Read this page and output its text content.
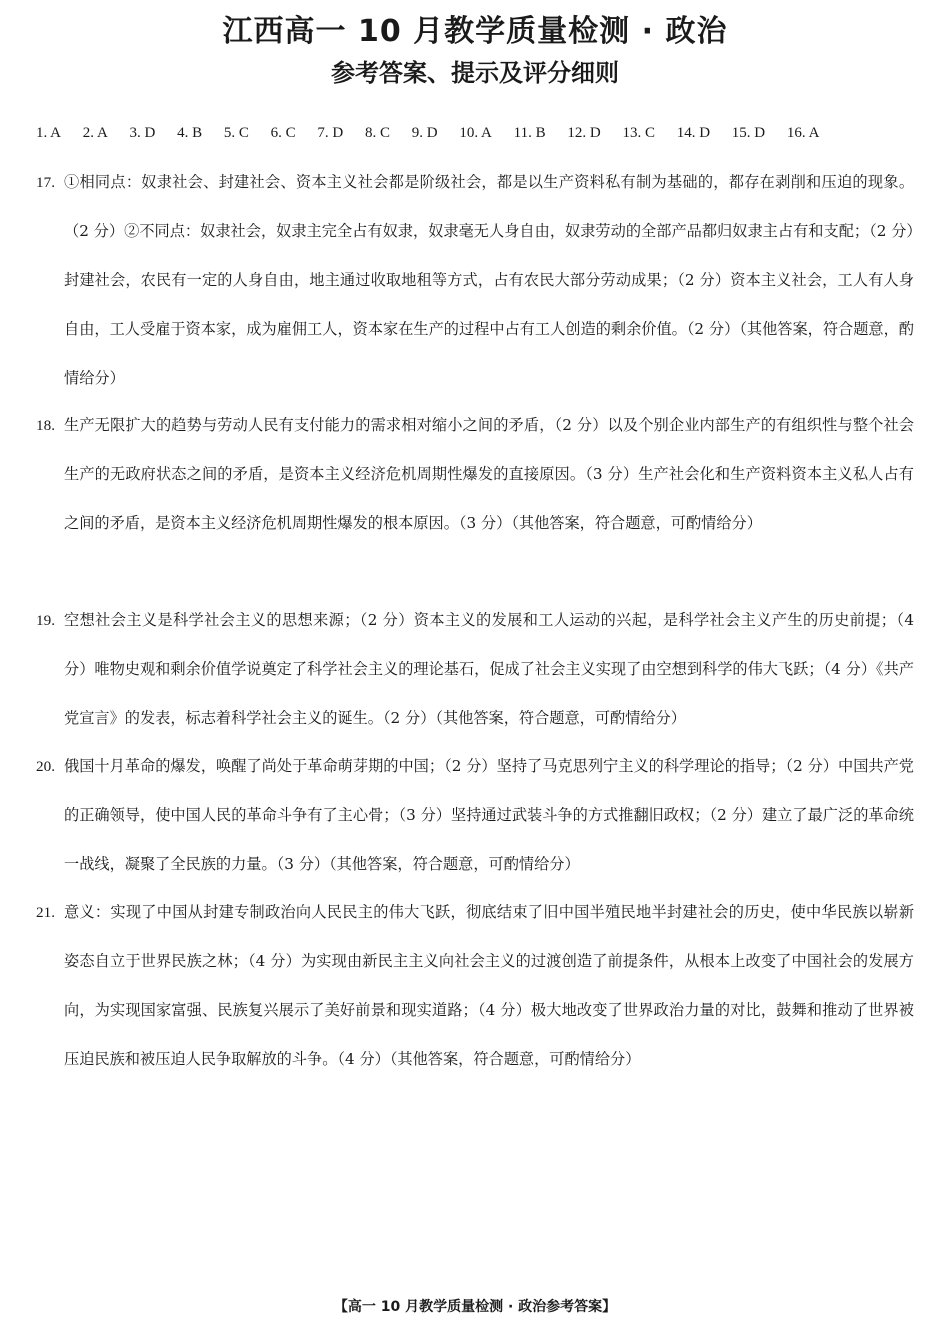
江西高一 10 月教学质量检测 · 政治
参考答案、提示及评分细则
1. A 2. A 3. D 4. B 5. C 6. C 7. D 8. C 9. D 10. A 11. B 12. D 13. C 14. D 15. D 16. A
17. ①相同点：奴隶社会、封建社会、资本主义社会都是阶级社会，都是以生产资料私有制为基础的，都存在剥削和压迫的现象。（2 分）②不同点：奴隶社会，奴隶主完全占有奴隶，奴隶毫无人身自由，奴隶劳动的全部产品都归奴隶主占有和支配；（2 分）封建社会，农民有一定的人身自由，地主通过收取地租等方式，占有农民大部分劳动成果；（2 分）资本主义社会，工人有人身自由，工人受雇于资本家，成为雇佣工人，资本家在生产的过程中占有工人创造的剩余价值。（2 分）（其他答案，符合题意，酌情给分）
18. 生产无限扩大的趋势与劳动人民有支付能力的需求相对缩小之间的矛盾，（2 分）以及个别企业内部生产的有组织性与整个社会生产的无政府状态之间的矛盾，是资本主义经济危机周期性爆发的直接原因。（3 分）生产社会化和生产资料资本主义私人占有之间的矛盾，是资本主义经济危机周期性爆发的根本原因。（3 分）（其他答案，符合题意，可酌情给分）
19. 空想社会主义是科学社会主义的思想来源；（2 分）资本主义的发展和工人运动的兴起，是科学社会主义产生的历史前提；（4 分）唯物史观和剩余价值学说奠定了科学社会主义的理论基石，促成了社会主义实现了由空想到科学的伟大飞跃；（4 分）《共产党宣言》的发表，标志着科学社会主义的诞生。（2 分）（其他答案，符合题意，可酌情给分）
20. 俄国十月革命的爆发，唤醒了尚处于革命萌芽期的中国；（2 分）坚持了马克思列宁主义的科学理论的指导；（2 分）中国共产党的正确领导，使中国人民的革命斗争有了主心骨；（3 分）坚持通过武装斗争的方式推翻旧政权；（2 分）建立了最广泛的革命统一战线，凝聚了全民族的力量。（3 分）（其他答案，符合题意，可酌情给分）
21. 意义：实现了中国从封建专制政治向人民民主的伟大飞跃，彻底结束了旧中国半殖民地半封建社会的历史，使中华民族以崭新姿态自立于世界民族之林；（4 分）为实现由新民主主义向社会主义的过渡创造了前提条件，从根本上改变了中国社会的发展方向，为实现国家富强、民族复兴展示了美好前景和现实道路；（4 分）极大地改变了世界政治力量的对比，鼓舞和推动了世界被压迫民族和被压迫人民争取解放的斗争。（4 分）（其他答案，符合题意，可酌情给分）
【高一 10 月教学质量检测 · 政治参考答案】
